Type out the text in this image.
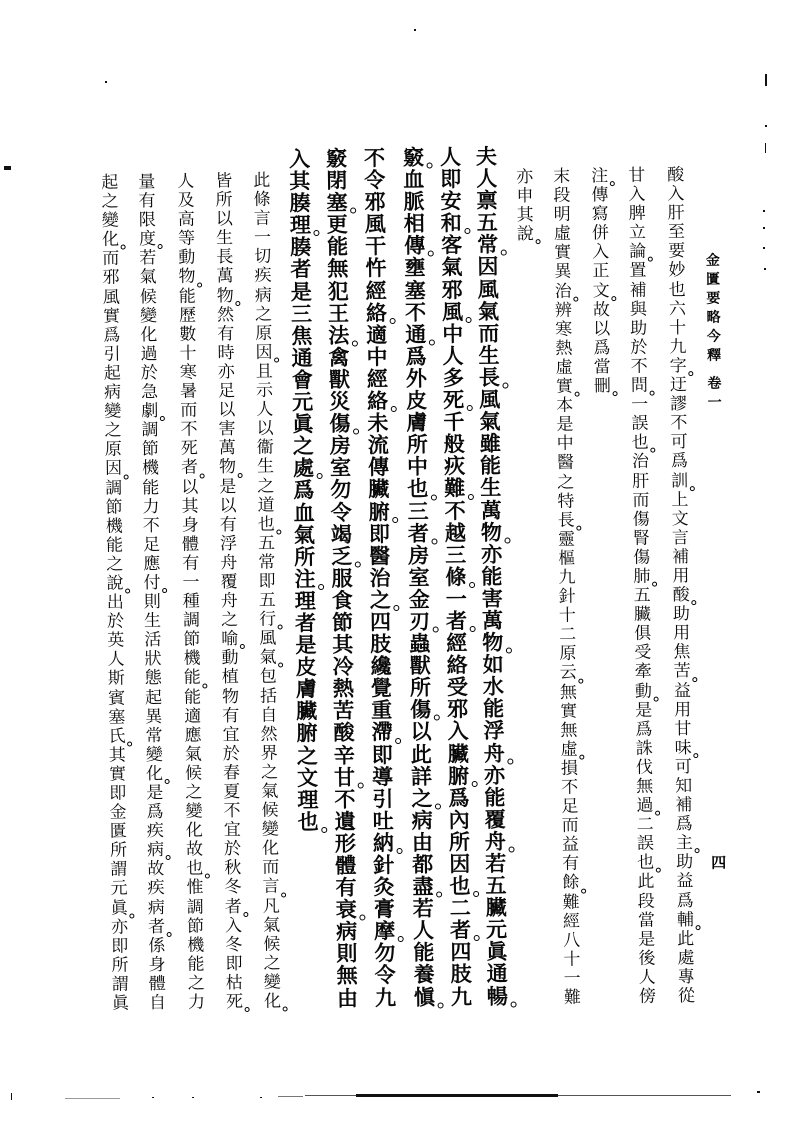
金
匱
要
略
今
釋
卷
一
四
酸
入
肝
至
要
妙
也
六
十
九
字
迂
謬
不
可
爲
訓
上
文
言
補
用
酸
助
用
焦
苦
益
用
甘
味
可
知
補
爲
主
助
益
爲
輔
此
處
專
從
甘
入
脾
立
論
置
補
與
助
於
不
問
一
誤
也
治
肝
而
傷
腎
傷
肺
五
臟
俱
受
牽
動
是
爲
誅
伐
無
過
二
誤
也
此
段
當
是
後
人
傍
注
傳
寫
併
入
正
文
故
以
爲
當
刪
末
段
明
虛
實
異
治
辨
寒
熱
虛
實
本
是
中
醫
之
特
長
靈
樞
九
針
十
二
原
云
無
實
無
虛
損
不
足
而
益
有
餘
難
經
八
十
一
難
亦
申
其
說
夫
人
禀
五
常
因
風
氣
而
生
長
風
氣
雖
能
生
萬
物
亦
能
害
萬
物
如
水
能
浮
舟
亦
能
覆
舟
若
五
臟
元
眞
通
暢
人
即
安
和
客
氣
邪
風
中
人
多
死
千
般
疢
難
不
越
三
條
一
者
經
絡
受
邪
入
臟
腑
爲
內
所
因
也
二
者
四
肢
九
竅
血
脈
相
傳
壅
塞
不
通
爲
外
皮
膚
所
中
也
三
者
房
室
金
刃
蟲
獸
所
傷
以
此
詳
之
病
由
都
盡
若
人
能
養
愼
不
令
邪
風
干
忤
經
絡
適
中
經
絡
未
流
傳
臟
腑
即
醫
治
之
四
肢
纔
覺
重
滯
即
導
引
吐
納
針
灸
膏
摩
勿
令
九
竅
閉
塞
更
能
無
犯
王
法
禽
獸
災
傷
房
室
勿
令
竭
乏
服
食
節
其
冷
熱
苦
酸
辛
甘
不
遺
形
體
有
衰
病
則
無
由
入
其
腠
理
腠
者
是
三
焦
通
會
元
眞
之
處
爲
血
氣
所
注
理
者
是
皮
膚
臟
腑
之
文
理
也
此
條
言
一
切
疾
病
之
原
因
且
示
人
以
衞
生
之
道
也
五
常
即
五
行
風
氣
包
括
自
然
界
之
氣
候
變
化
而
言
凡
氣
候
之
變
化
皆
所
以
生
長
萬
物
然
有
時
亦
足
以
害
萬
物
是
以
有
浮
舟
覆
舟
之
喻
動
植
物
有
宜
於
春
夏
不
宜
於
秋
冬
者
入
冬
即
枯
死
人
及
高
等
動
物
能
歷
數
十
寒
暑
而
不
死
者
以
其
身
體
有
一
種
調
節
機
能
能
適
應
氣
候
之
變
化
故
也
惟
調
節
機
能
之
力
量
有
限
度
若
氣
候
變
化
過
於
急
劇
調
節
機
能
力
不
足
應
付
則
生
活
狀
態
起
異
常
變
化
是
爲
疾
病
故
疾
病
者
係
身
體
自
起
之
變
化
而
邪
風
實
爲
引
起
病
變
之
原
因
調
節
機
能
之
說
出
於
英
人
斯
賓
塞
氏
其
實
即
金
匱
所
謂
元
眞
亦
即
所
謂
眞
